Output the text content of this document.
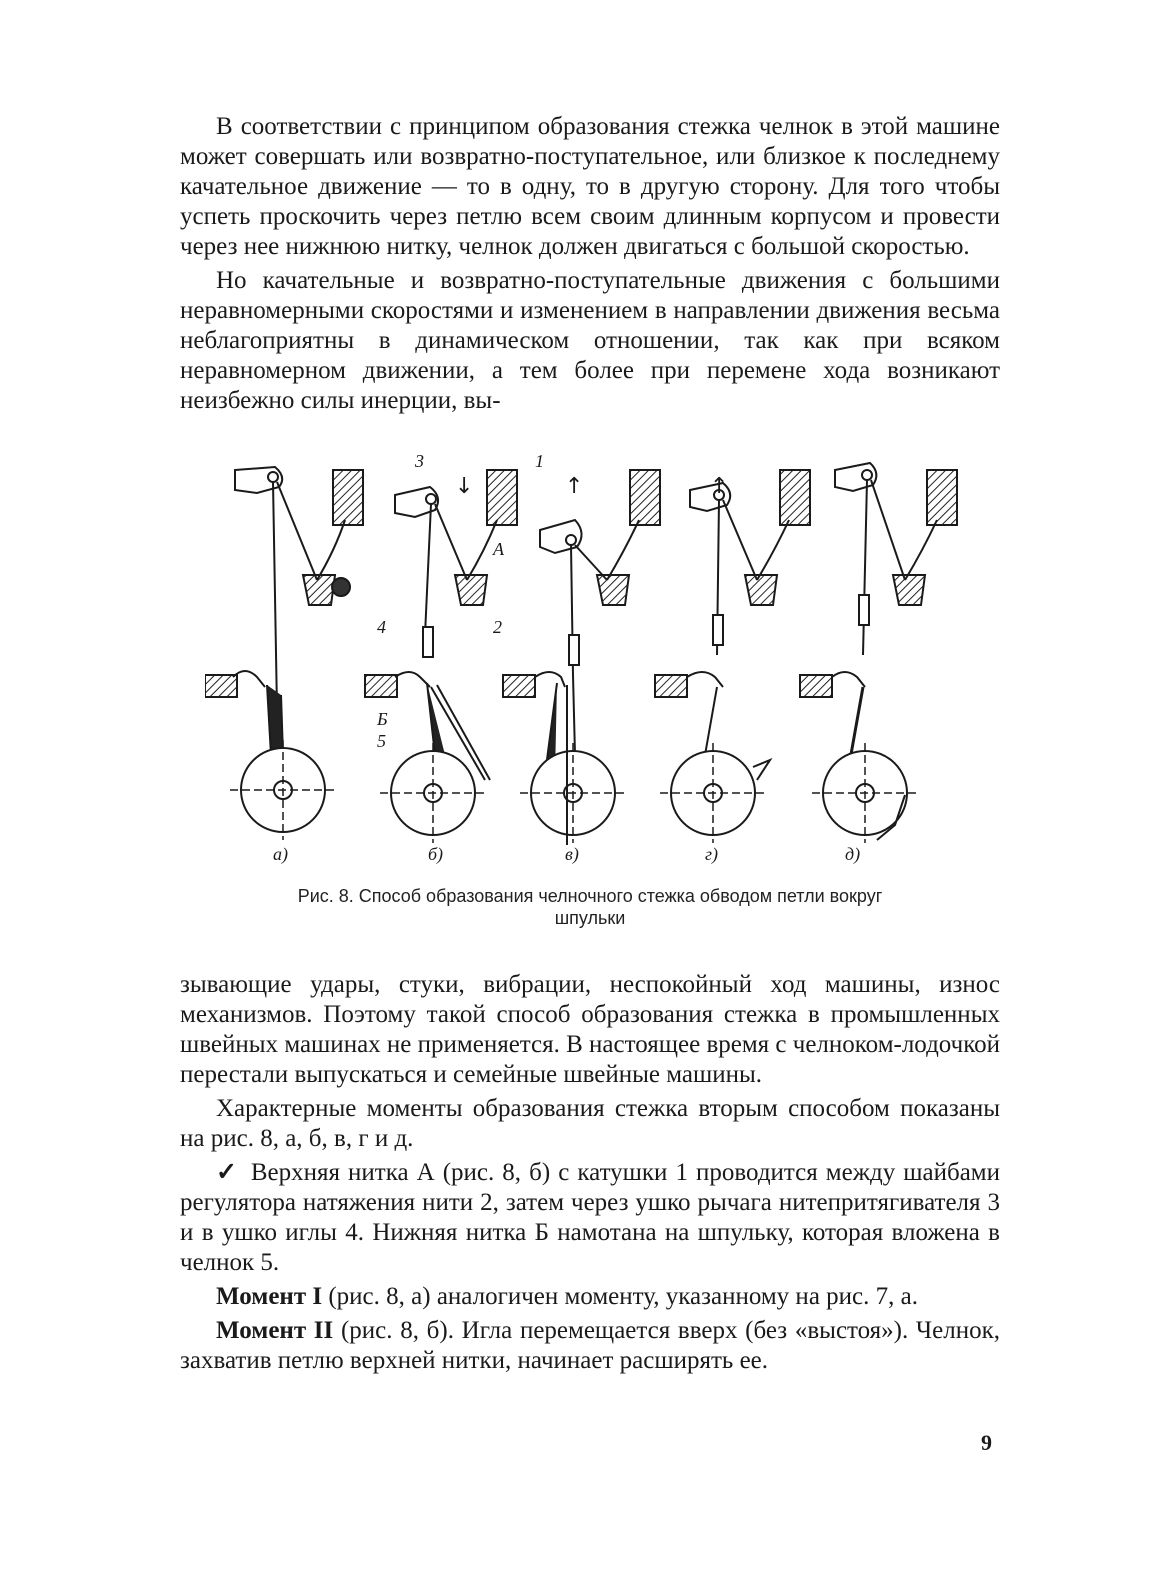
В соответствии с принципом образования стежка челнок в этой машине может совершать или возвратно-поступательное, или близкое к последнему качательное движение — то в одну, то в другую сторону. Для того чтобы успеть проскочить через петлю всем своим длинным корпусом и провести через нее нижнюю нитку, челнок должен двигаться с большой скоростью.

Но качательные и возвратно-поступательные движения с большими неравномерными скоростями и изменением в направлении движения весьма неблагоприятны в динамическом отношении, так как при всяком неравномерном движении, а тем более при перемене хода возникают неизбежно силы инерции, вы-

3	1
А
2
4
Б
5
а)	б)	в)	г)	д)
↓	↑	↑
Рис. 8. Способ образования челночного стежка обводом петли вокруг
шпульки

зывающие удары, стуки, вибрации, неспокойный ход машины, износ механизмов. Поэтому такой способ образования стежка в промышленных швейных машинах не применяется. В настоящее время с челноком-лодочкой перестали выпускаться и семейные швейные машины.

Характерные моменты образования стежка вторым способом показаны на рис. 8, а, б, в, г и д.

✓ Верхняя нитка А (рис. 8, б) с катушки 1 проводится между шайбами регулятора натяжения нити 2, затем через ушко рычага нитепритягивателя 3 и в ушко иглы 4. Нижняя нитка Б намотана на шпульку, которая вложена в челнок 5.

Момент I (рис. 8, а) аналогичен моменту, указанному на рис. 7, а.

Момент II (рис. 8, б). Игла перемещается вверх (без «выстоя»). Челнок, захватив петлю верхней нитки, начинает расширять ее.

9
